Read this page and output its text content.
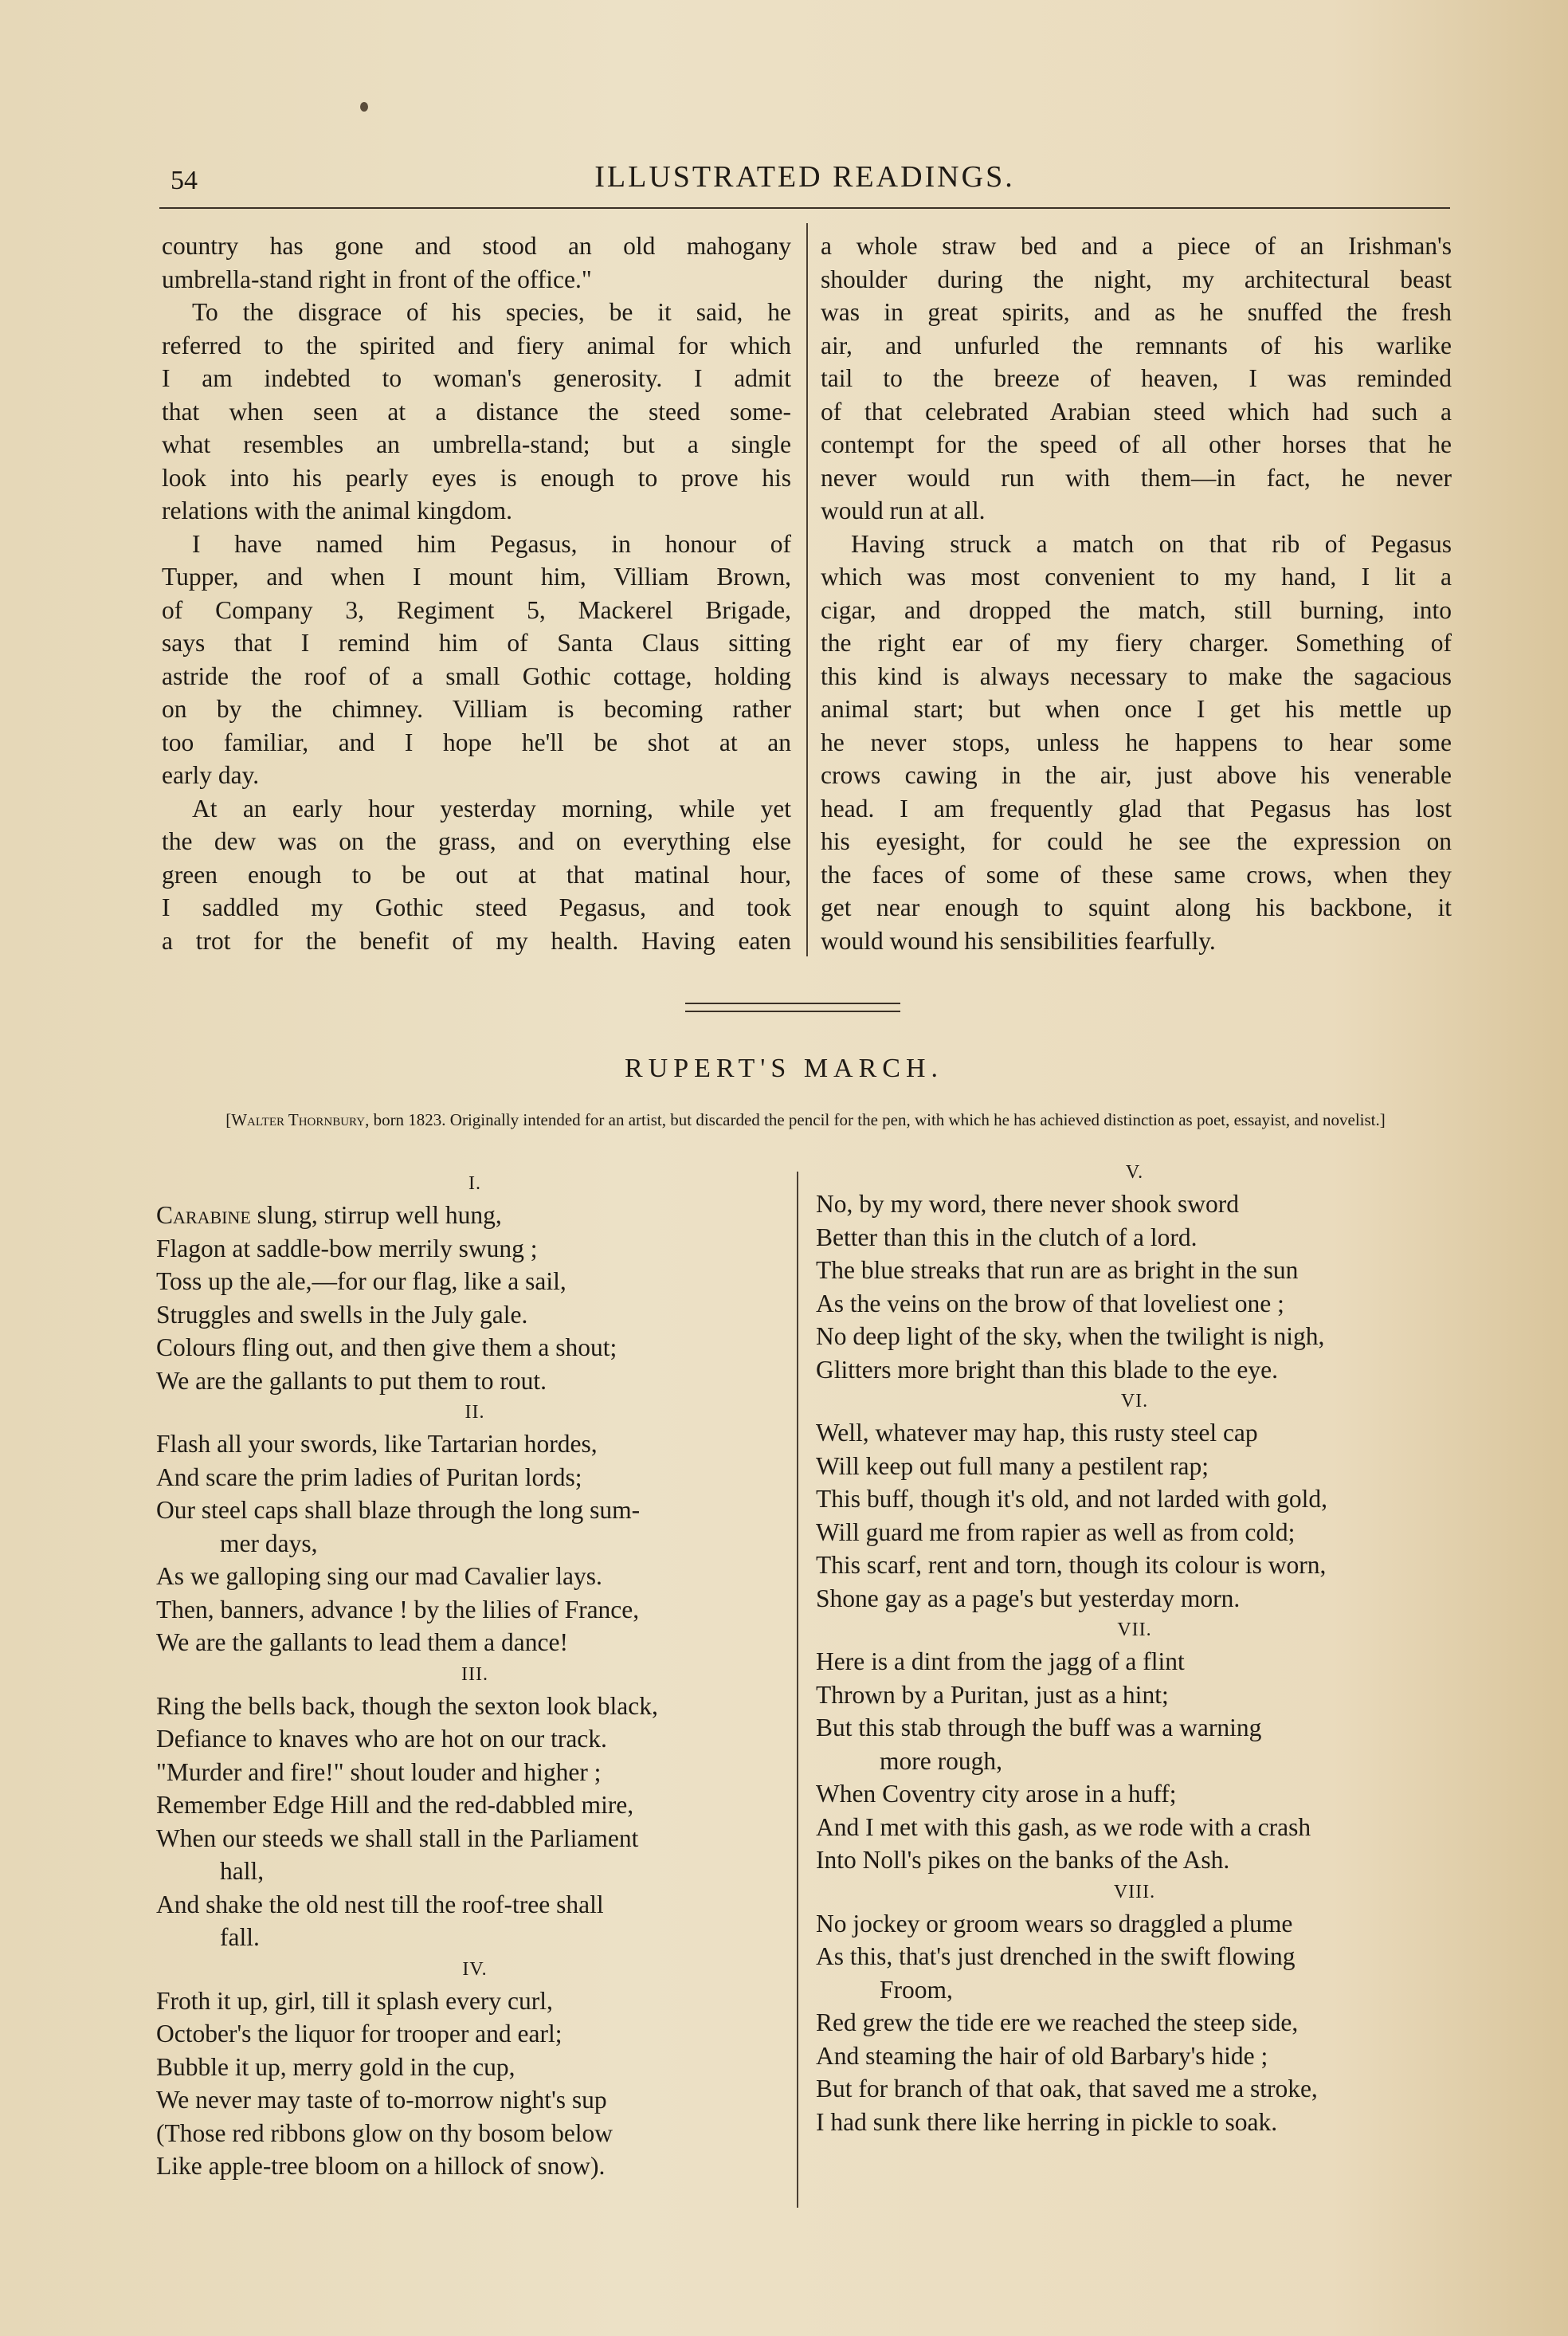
54	ILLUSTRATED READINGS.

country has gone and stood an old mahogany
umbrella-stand right in front of the office."

To the disgrace of his species, be it said, he
referred to the spirited and fiery animal for which
I am indebted to woman's generosity. I admit
that when seen at a distance the steed some-
what resembles an umbrella-stand; but a single
look into his pearly eyes is enough to prove his
relations with the animal kingdom.

I have named him Pegasus, in honour of
Tupper, and when I mount him, Villiam Brown,
of Company 3, Regiment 5, Mackerel Brigade,
says that I remind him of Santa Claus sitting
astride the roof of a small Gothic cottage, holding
on by the chimney. Villiam is becoming rather
too familiar, and I hope he'll be shot at an
early day.

At an early hour yesterday morning, while yet
the dew was on the grass, and on everything else
green enough to be out at that matinal hour,
I saddled my Gothic steed Pegasus, and took
a trot for the benefit of my health. Having eaten

a whole straw bed and a piece of an Irishman's
shoulder during the night, my architectural beast
was in great spirits, and as he snuffed the fresh
air, and unfurled the remnants of his warlike
tail to the breeze of heaven, I was reminded
of that celebrated Arabian steed which had such a
contempt for the speed of all other horses that he
never would run with them—in fact, he never
would run at all.

Having struck a match on that rib of Pegasus
which was most convenient to my hand, I lit a
cigar, and dropped the match, still burning, into
the right ear of my fiery charger. Something of
this kind is always necessary to make the sagacious
animal start; but when once I get his mettle up
he never stops, unless he happens to hear some
crows cawing in the air, just above his venerable
head. I am frequently glad that Pegasus has lost
his eyesight, for could he see the expression on
the faces of some of these same crows, when they
get near enough to squint along his backbone, it
would wound his sensibilities fearfully.

RUPERT'S MARCH.
[Walter Thornbury, born 1823. Originally intended for an artist, but discarded the pencil for the pen, with which he has achieved distinction as poet, essayist, and novelist.]
I.
Carabine slung, stirrup well hung,
Flagon at saddle-bow merrily swung ;
Toss up the ale,—for our flag, like a sail,
Struggles and swells in the July gale.
Colours fling out, and then give them a shout;
We are the gallants to put them to rout.
II.
Flash all your swords, like Tartarian hordes,
And scare the prim ladies of Puritan lords;
Our steel caps shall blaze through the long sum-
mer days,
As we galloping sing our mad Cavalier lays.
Then, banners, advance ! by the lilies of France,
We are the gallants to lead them a dance!
III.
Ring the bells back, though the sexton look black,
Defiance to knaves who are hot on our track.
"Murder and fire!" shout louder and higher ;
Remember Edge Hill and the red-dabbled mire,
When our steeds we shall stall in the Parliament
hall,
And shake the old nest till the roof-tree shall
fall.
IV.
Froth it up, girl, till it splash every curl,
October's the liquor for trooper and earl;
Bubble it up, merry gold in the cup,
We never may taste of to-morrow night's sup
(Those red ribbons glow on thy bosom below
Like apple-tree bloom on a hillock of snow).
V.
No, by my word, there never shook sword
Better than this in the clutch of a lord.
The blue streaks that run are as bright in the sun
As the veins on the brow of that loveliest one ;
No deep light of the sky, when the twilight is nigh,
Glitters more bright than this blade to the eye.
VI.
Well, whatever may hap, this rusty steel cap
Will keep out full many a pestilent rap;
This buff, though it's old, and not larded with gold,
Will guard me from rapier as well as from cold;
This scarf, rent and torn, though its colour is worn,
Shone gay as a page's but yesterday morn.
VII.
Here is a dint from the jagg of a flint
Thrown by a Puritan, just as a hint;
But this stab through the buff was a warning
more rough,
When Coventry city arose in a huff;
And I met with this gash, as we rode with a crash
Into Noll's pikes on the banks of the Ash.
VIII.
No jockey or groom wears so draggled a plume
As this, that's just drenched in the swift flowing
Froom,
Red grew the tide ere we reached the steep side,
And steaming the hair of old Barbary's hide ;
But for branch of that oak, that saved me a stroke,
I had sunk there like herring in pickle to soak.
